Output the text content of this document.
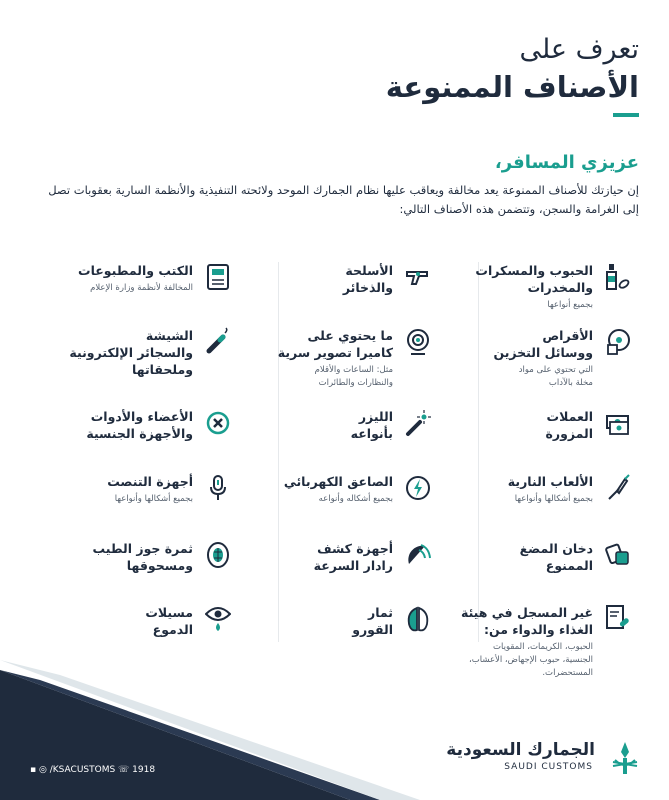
تعرف على
الأصناف الممنوعة
عزيزي المسافر،
إن حيازتك للأصناف الممنوعة يعد مخالفة ويعاقب عليها نظام الجمارك الموحد ولائحته التنفيذية والأنظمة السارية بعقوبات تصل إلى الغرامة والسجن، وتتضمن هذه الأصناف التالي:
الحبوب والمسكرات
والمخدرات
بجميع أنواعها
الأسلحة
والذخائر
الكتب والمطبوعات
المخالفة لأنظمة وزارة الإعلام
الأقراص
ووسائل التخزين
التي تحتوي على مواد
مخلة بالآداب
ما يحتوي على
كاميرا تصوير سرية
مثل: الساعات والأقلام
والنظارات والطائرات
الشيشة
والسجائر الإلكترونية
وملحقاتها
العملات
المزورة
الليزر
بأنواعه
الأعضاء والأدوات
والأجهزة الجنسية
الألعاب النارية
بجميع أشكالها وأنواعها
الصاعق الكهربائي
بجميع أشكاله وأنواعه
أجهزة التنصت
بجميع أشكالها وأنواعها
دخان المضغ
الممنوع
أجهزة كشف
رادار السرعة
ثمرة جوز الطيب
ومسحوقها
غير المسجل في هيئة
الغذاء والدواء من:
الحبوب، الكريمات، المقويات
الجنسية، حبوب الإجهاض، الأعشاب،
المستحضرات.
ثمار
القورو
مسيلات
الدموع
▪ ◎ /KSACUSTOMS ☏ 1918
الجمارك السعودية
SAUDI CUSTOMS
